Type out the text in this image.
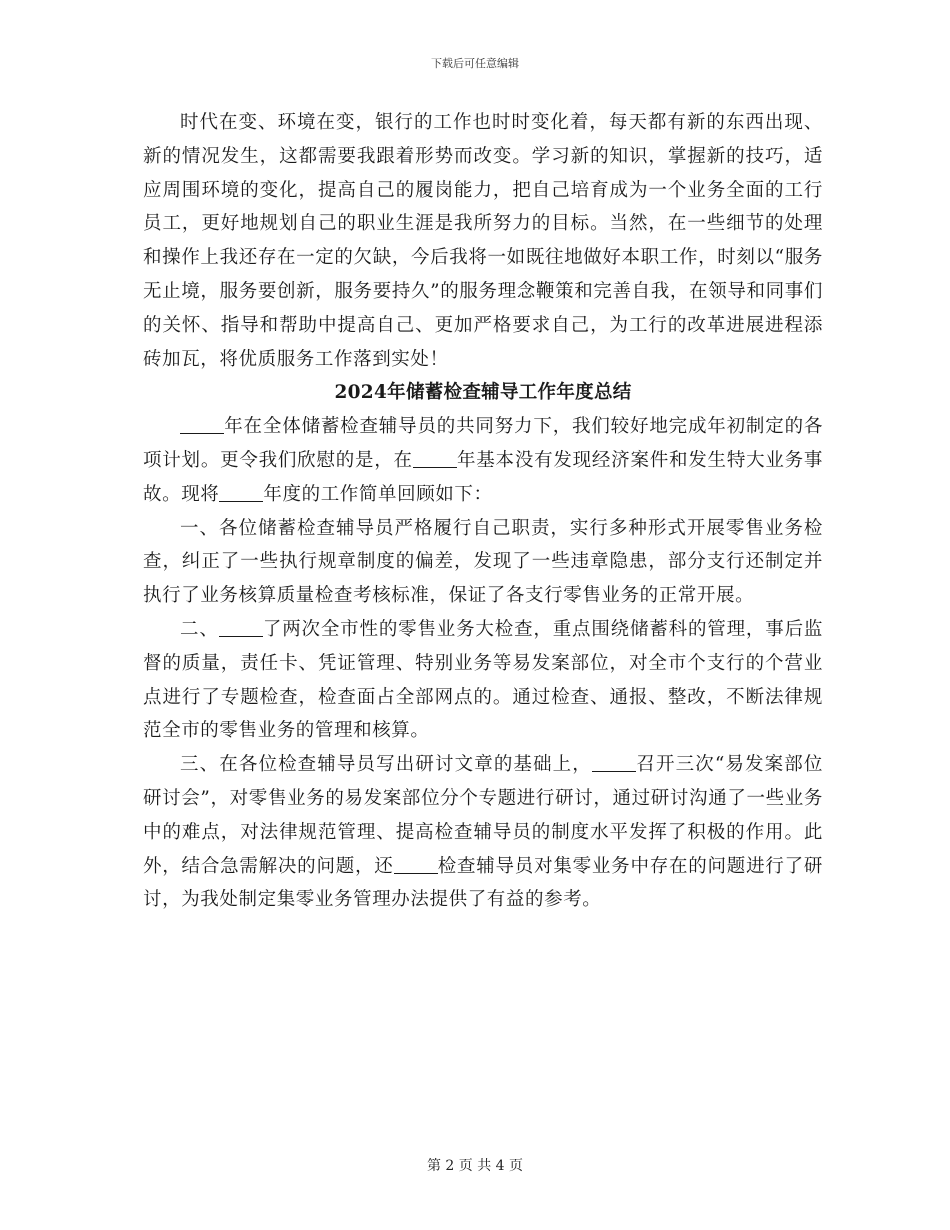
下载后可任意编辑

时代在变、环境在变，银行的工作也时时变化着，每天都有新的东西出现、新的情况发生，这都需要我跟着形势而改变。学习新的知识，掌握新的技巧，适应周围环境的变化，提高自己的履岗能力，把自己培育成为一个业务全面的工行员工，更好地规划自己的职业生涯是我所努力的目标。当然，在一些细节的处理和操作上我还存在一定的欠缺，今后我将一如既往地做好本职工作，时刻以“服务无止境，服务要创新，服务要持久”的服务理念鞭策和完善自我，在领导和同事们的关怀、指导和帮助中提高自己、更加严格要求自己，为工行的改革进展进程添砖加瓦，将优质服务工作落到实处！

2024年储蓄检查辅导工作年度总结

年在全体储蓄检查辅导员的共同努力下，我们较好地完成年初制定的各项计划。更令我们欣慰的是，在 年基本没有发现经济案件和发生特大业务事故。现将 年度的工作简单回顾如下：

一、各位储蓄检查辅导员严格履行自己职责，实行多种形式开展零售业务检查，纠正了一些执行规章制度的偏差，发现了一些违章隐患，部分支行还制定并执行了业务核算质量检查考核标准，保证了各支行零售业务的正常开展。

二、 了两次全市性的零售业务大检查，重点围绕储蓄科的管理，事后监督的质量，责任卡、凭证管理、特别业务等易发案部位，对全市个支行的个营业点进行了专题检查，检查面占全部网点的。通过检查、通报、整改，不断法律规范全市的零售业务的管理和核算。

三、在各位检查辅导员写出研讨文章的基础上， 召开三次“易发案部位研讨会”，对零售业务的易发案部位分个专题进行研讨，通过研讨沟通了一些业务中的难点，对法律规范管理、提高检查辅导员的制度水平发挥了积极的作用。此外，结合急需解决的问题，还 检查辅导员对集零业务中存在的问题进行了研讨，为我处制定集零业务管理办法提供了有益的参考。

第 2 页 共 4 页
